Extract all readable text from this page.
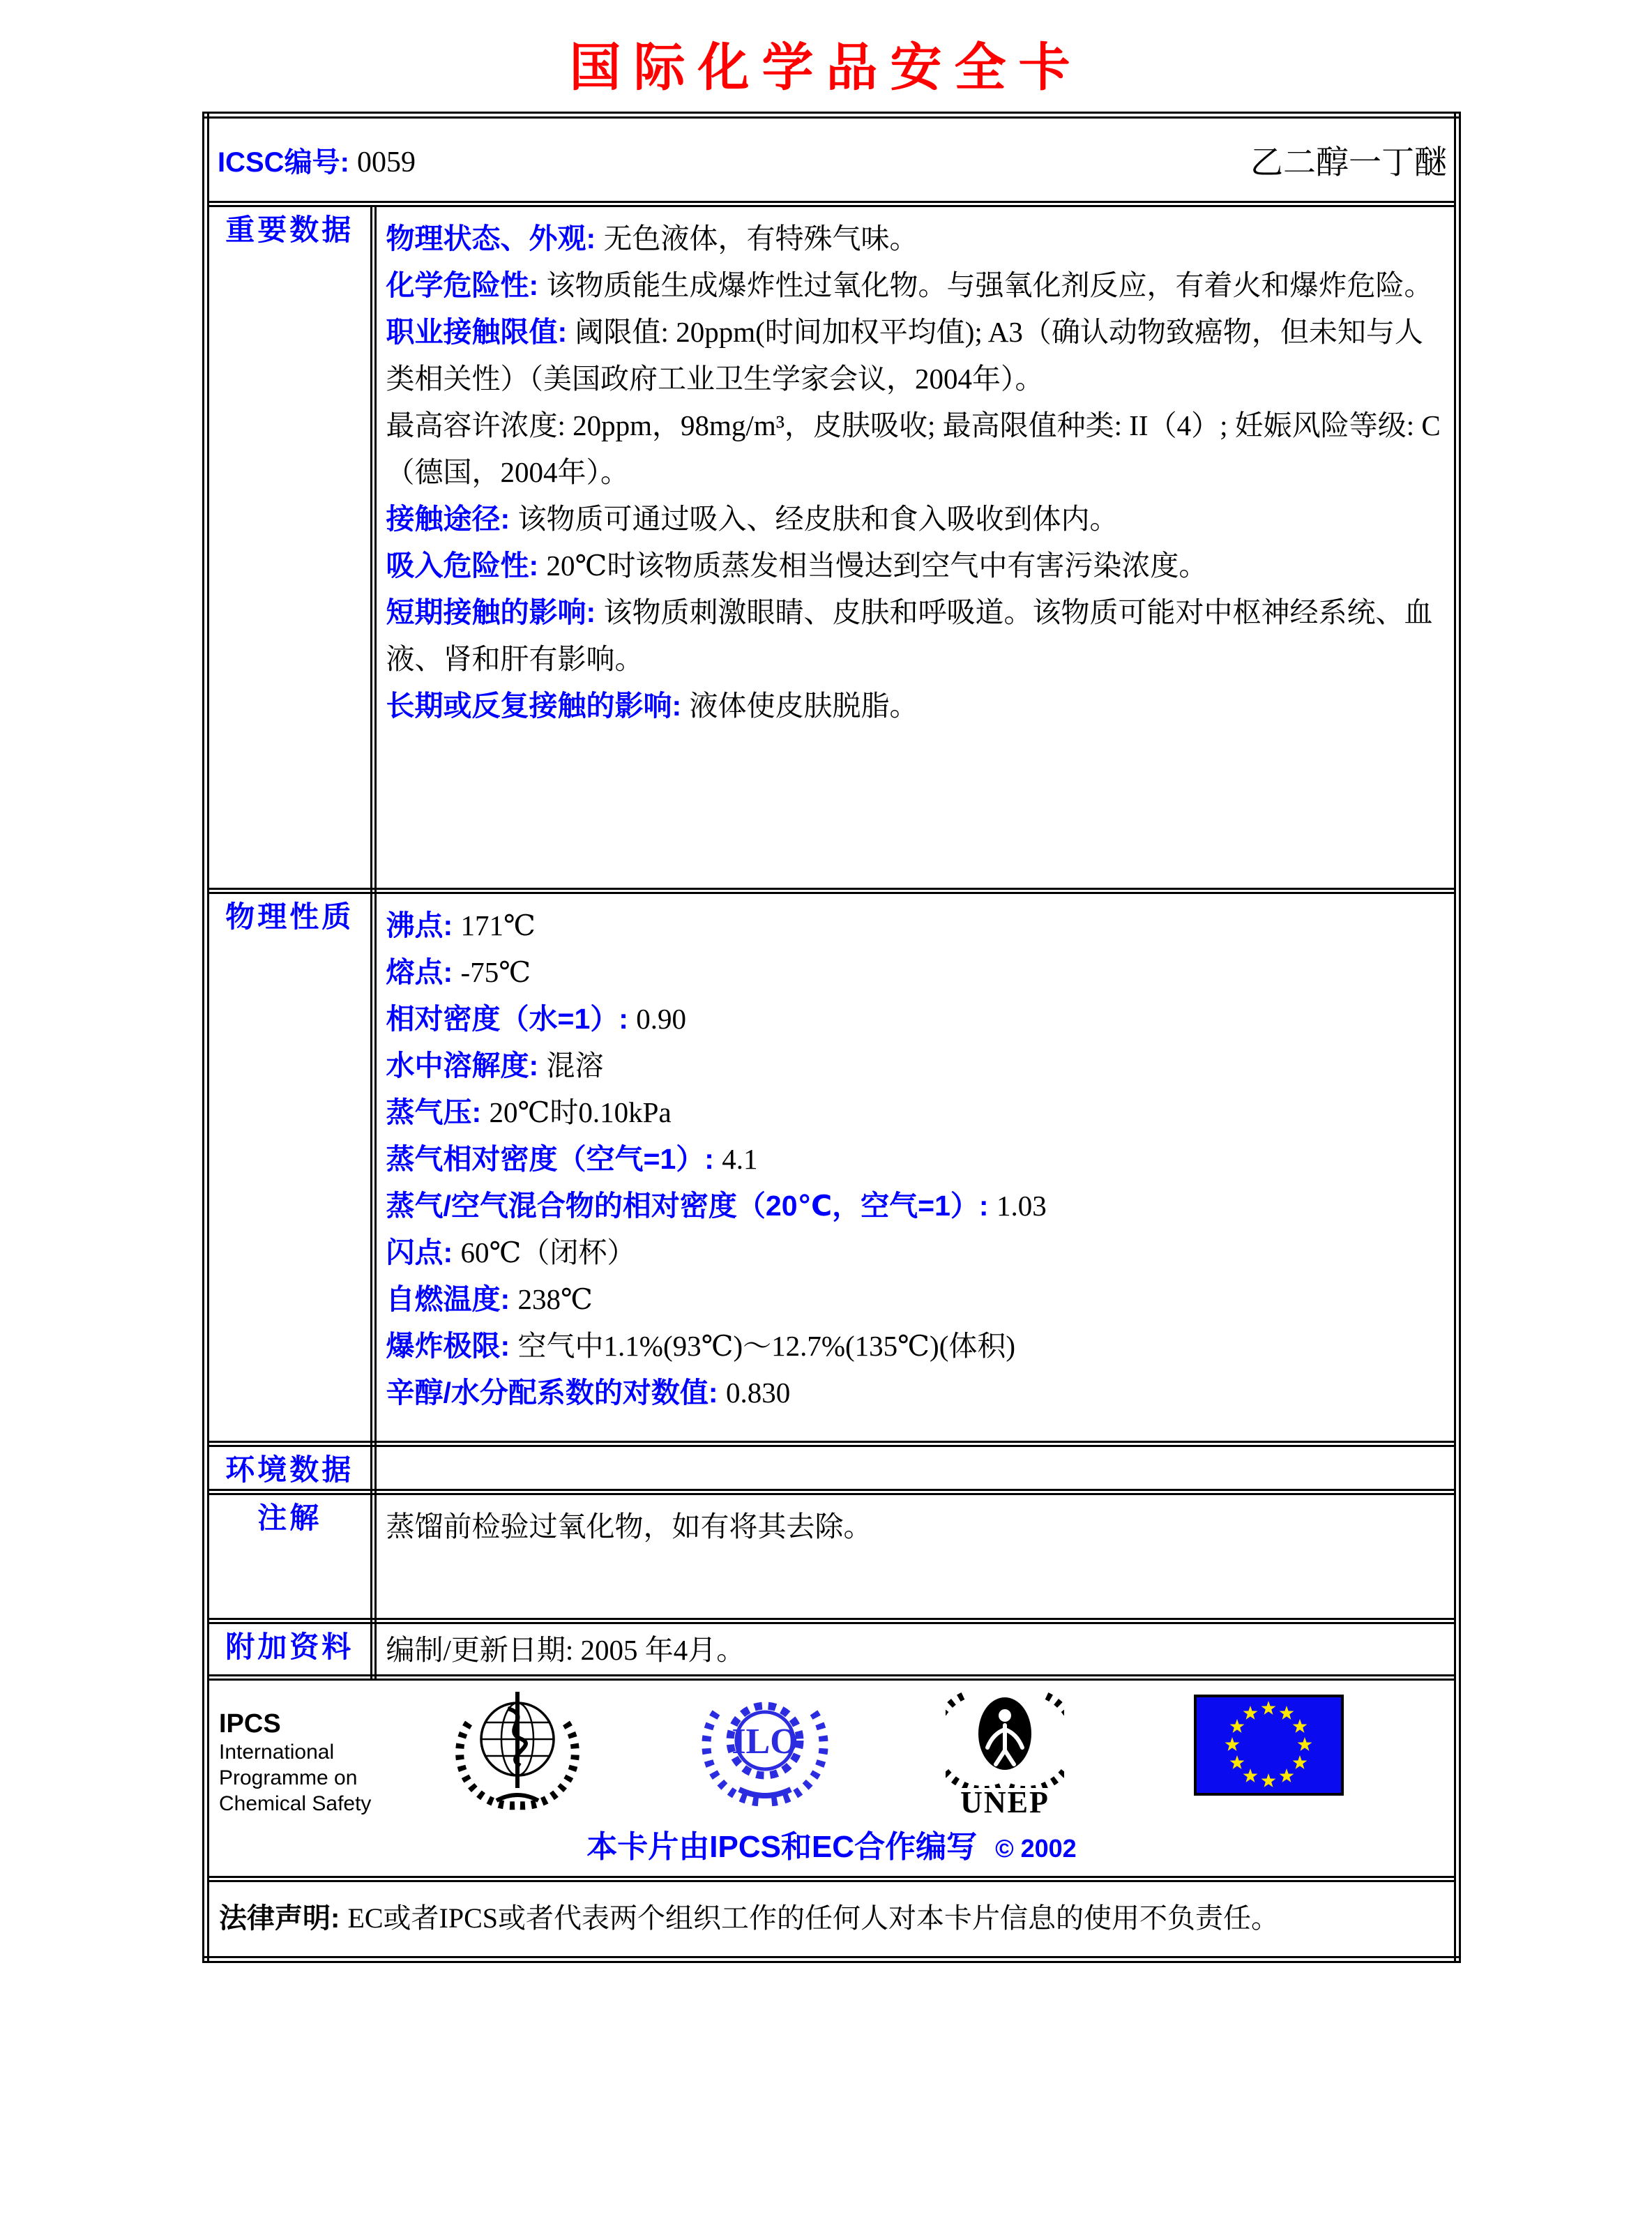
国际化学品安全卡
ICSC编号: 0059 乙二醇一丁醚	

重要数据	物理状态、外观: 无色液体，有特殊气味。

化学危险性: 该物质能生成爆炸性过氧化物。与强氧化剂反应，有着火和爆炸危险。

职业接触限值: 阈限值: 20ppm(时间加权平均值); A3（确认动物致癌物，但未知与人类相关性）（美国政府工业卫生学家会议，2004年）。

最高容许浓度: 20ppm，98mg/m³，皮肤吸收; 最高限值种类: II（4）; 妊娠风险等级: C（德国，2004年）。

接触途径: 该物质可通过吸入、经皮肤和食入吸收到体内。

吸入危险性: 20℃时该物质蒸发相当慢达到空气中有害污染浓度。

短期接触的影响: 该物质刺激眼睛、皮肤和呼吸道。该物质可能对中枢神经系统、血液、肾和肝有影响。

长期或反复接触的影响: 液体使皮肤脱脂。

物理性质	沸点: 171℃

熔点: -75℃

相对密度（水=1）: 0.90

水中溶解度: 混溶

蒸气压: 20℃时0.10kPa

蒸气相对密度（空气=1）: 4.1

蒸气/空气混合物的相对密度（20℃，空气=1）: 1.03

闪点: 60℃（闭杯）

自燃温度: 238℃

爆炸极限: 空气中1.1%(93℃)～12.7%(135℃)(体积)

辛醇/水分配系数的对数值: 0.830

环境数据	

注解	蒸馏前检验过氧化物，如有将其去除。

附加资料	编制/更新日期: 2005 年4月。

IPCS
International
Programme on
Chemical Safety
ILO
UNEP
本卡片由IPCS和EC合作编写 © 2002

法律声明: EC或者IPCS或者代表两个组织工作的任何人对本卡片信息的使用不负责任。	
